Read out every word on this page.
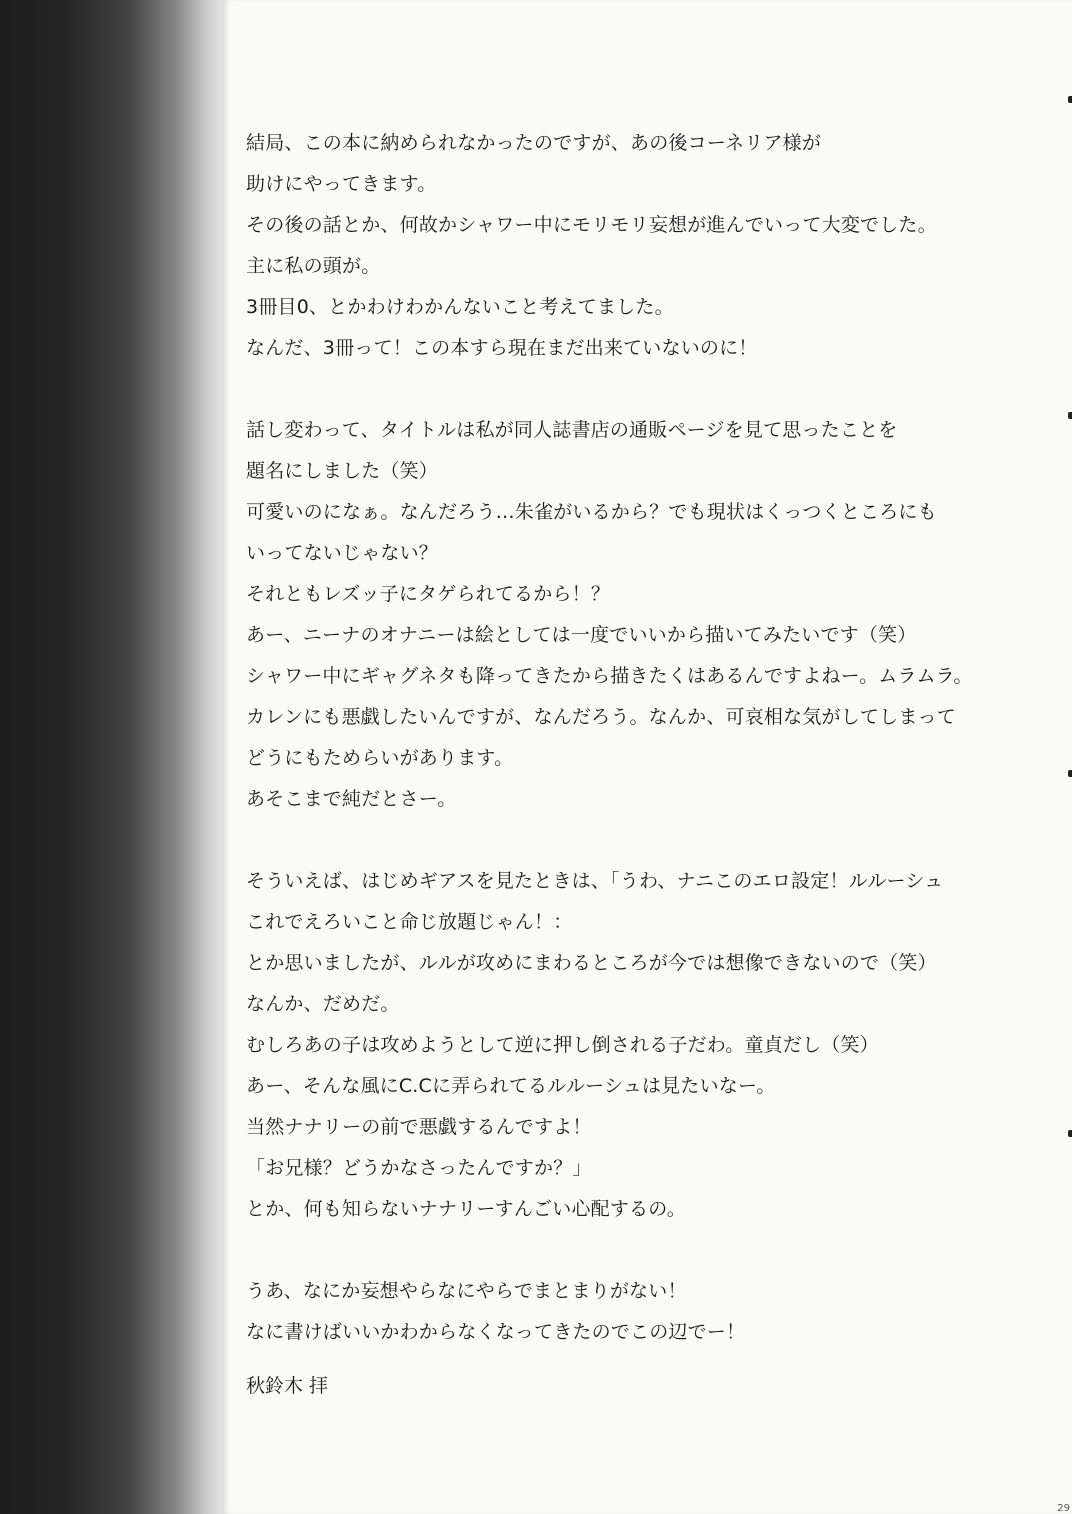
結局、この本に納められなかったのですが、あの後コーネリア様が
助けにやってきます。
その後の話とか、何故かシャワー中にモリモリ妄想が進んでいって大変でした。
主に私の頭が。
3冊目0、とかわけわかんないこと考えてました。
なんだ、3冊って！この本すら現在まだ出来ていないのに！
話し変わって、タイトルは私が同人誌書店の通販ページを見て思ったことを
題名にしました（笑）
可愛いのになぁ。なんだろう…朱雀がいるから？でも現状はくっつくところにも
いってないじゃない？
それともレズッ子にタゲられてるから！？
あー、ニーナのオナニーは絵としては一度でいいから描いてみたいです（笑）
シャワー中にギャグネタも降ってきたから描きたくはあるんですよねー。ムラムラ。
カレンにも悪戯したいんですが、なんだろう。なんか、可哀相な気がしてしまって
どうにもためらいがあります。
あそこまで純だとさー。
そういえば、はじめギアスを見たときは、「うわ、ナニこのエロ設定！ルルーシュ
これでえろいこと命じ放題じゃん！：
とか思いましたが、ルルが攻めにまわるところが今では想像できないので（笑）
なんか、だめだ。
むしろあの子は攻めようとして逆に押し倒される子だわ。童貞だし（笑）
あー、そんな風にC.Cに弄られてるルルーシュは見たいなー。
当然ナナリーの前で悪戯するんですよ！
「お兄様？どうかなさったんですか？」
とか、何も知らないナナリーすんごい心配するの。
うあ、なにか妄想やらなにやらでまとまりがない！
なに書けばいいかわからなくなってきたのでこの辺でー！
秋鈴木 拝
29
